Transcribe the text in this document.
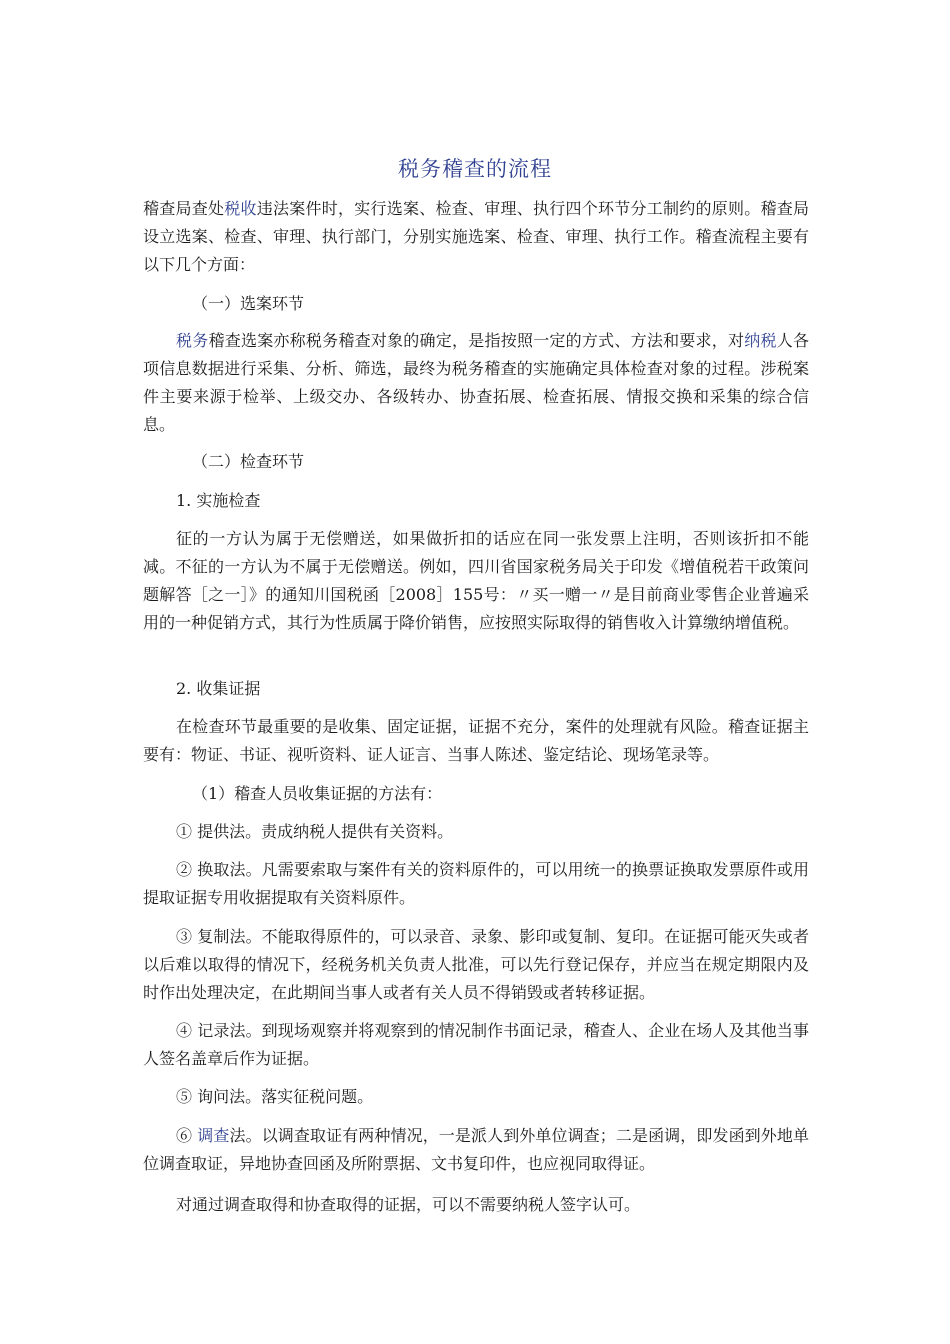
税务稽查的流程

稽查局查处税收违法案件时，实行选案、检查、审理、执行四个环节分工制约的原则。稽查局设立选案、检查、审理、执行部门，分别实施选案、检查、审理、执行工作。稽查流程主要有以下几个方面：

（一）选案环节

税务稽查选案亦称税务稽查对象的确定，是指按照一定的方式、方法和要求，对纳税人各项信息数据进行采集、分析、筛选，最终为税务稽查的实施确定具体检查对象的过程。涉税案件主要来源于检举、上级交办、各级转办、协查拓展、检查拓展、情报交换和采集的综合信息。

（二）检查环节
1. 实施检查

征的一方认为属于无偿赠送，如果做折扣的话应在同一张发票上注明，否则该折扣不能减。不征的一方认为不属于无偿赠送。例如，四川省国家税务局关于印发《增值税若干政策问题解答［之一］》的通知川国税函［2008］155号：〃买一赠一〃是目前商业零售企业普遍采用的一种促销方式，其行为性质属于降价销售，应按照实际取得的销售收入计算缴纳增值税。

2. 收集证据

在检查环节最重要的是收集、固定证据，证据不充分，案件的处理就有风险。稽查证据主要有：物证、书证、视听资料、证人证言、当事人陈述、鉴定结论、现场笔录等。

（1）稽查人员收集证据的方法有：

① 提供法。责成纳税人提供有关资料。

② 换取法。凡需要索取与案件有关的资料原件的，可以用统一的换票证换取发票原件或用提取证据专用收据提取有关资料原件。

③ 复制法。不能取得原件的，可以录音、录象、影印或复制、复印。在证据可能灭失或者以后难以取得的情况下，经税务机关负责人批准，可以先行登记保存，并应当在规定期限内及时作出处理决定，在此期间当事人或者有关人员不得销毁或者转移证据。

④ 记录法。到现场观察并将观察到的情况制作书面记录，稽查人、企业在场人及其他当事人签名盖章后作为证据。

⑤ 询问法。落实征税问题。

⑥ 调查法。以调查取证有两种情况，一是派人到外单位调查；二是函调，即发函到外地单位调查取证，异地协查回函及所附票据、文书复印件，也应视同取得证。

对通过调查取得和协查取得的证据，可以不需要纳税人签字认可。
